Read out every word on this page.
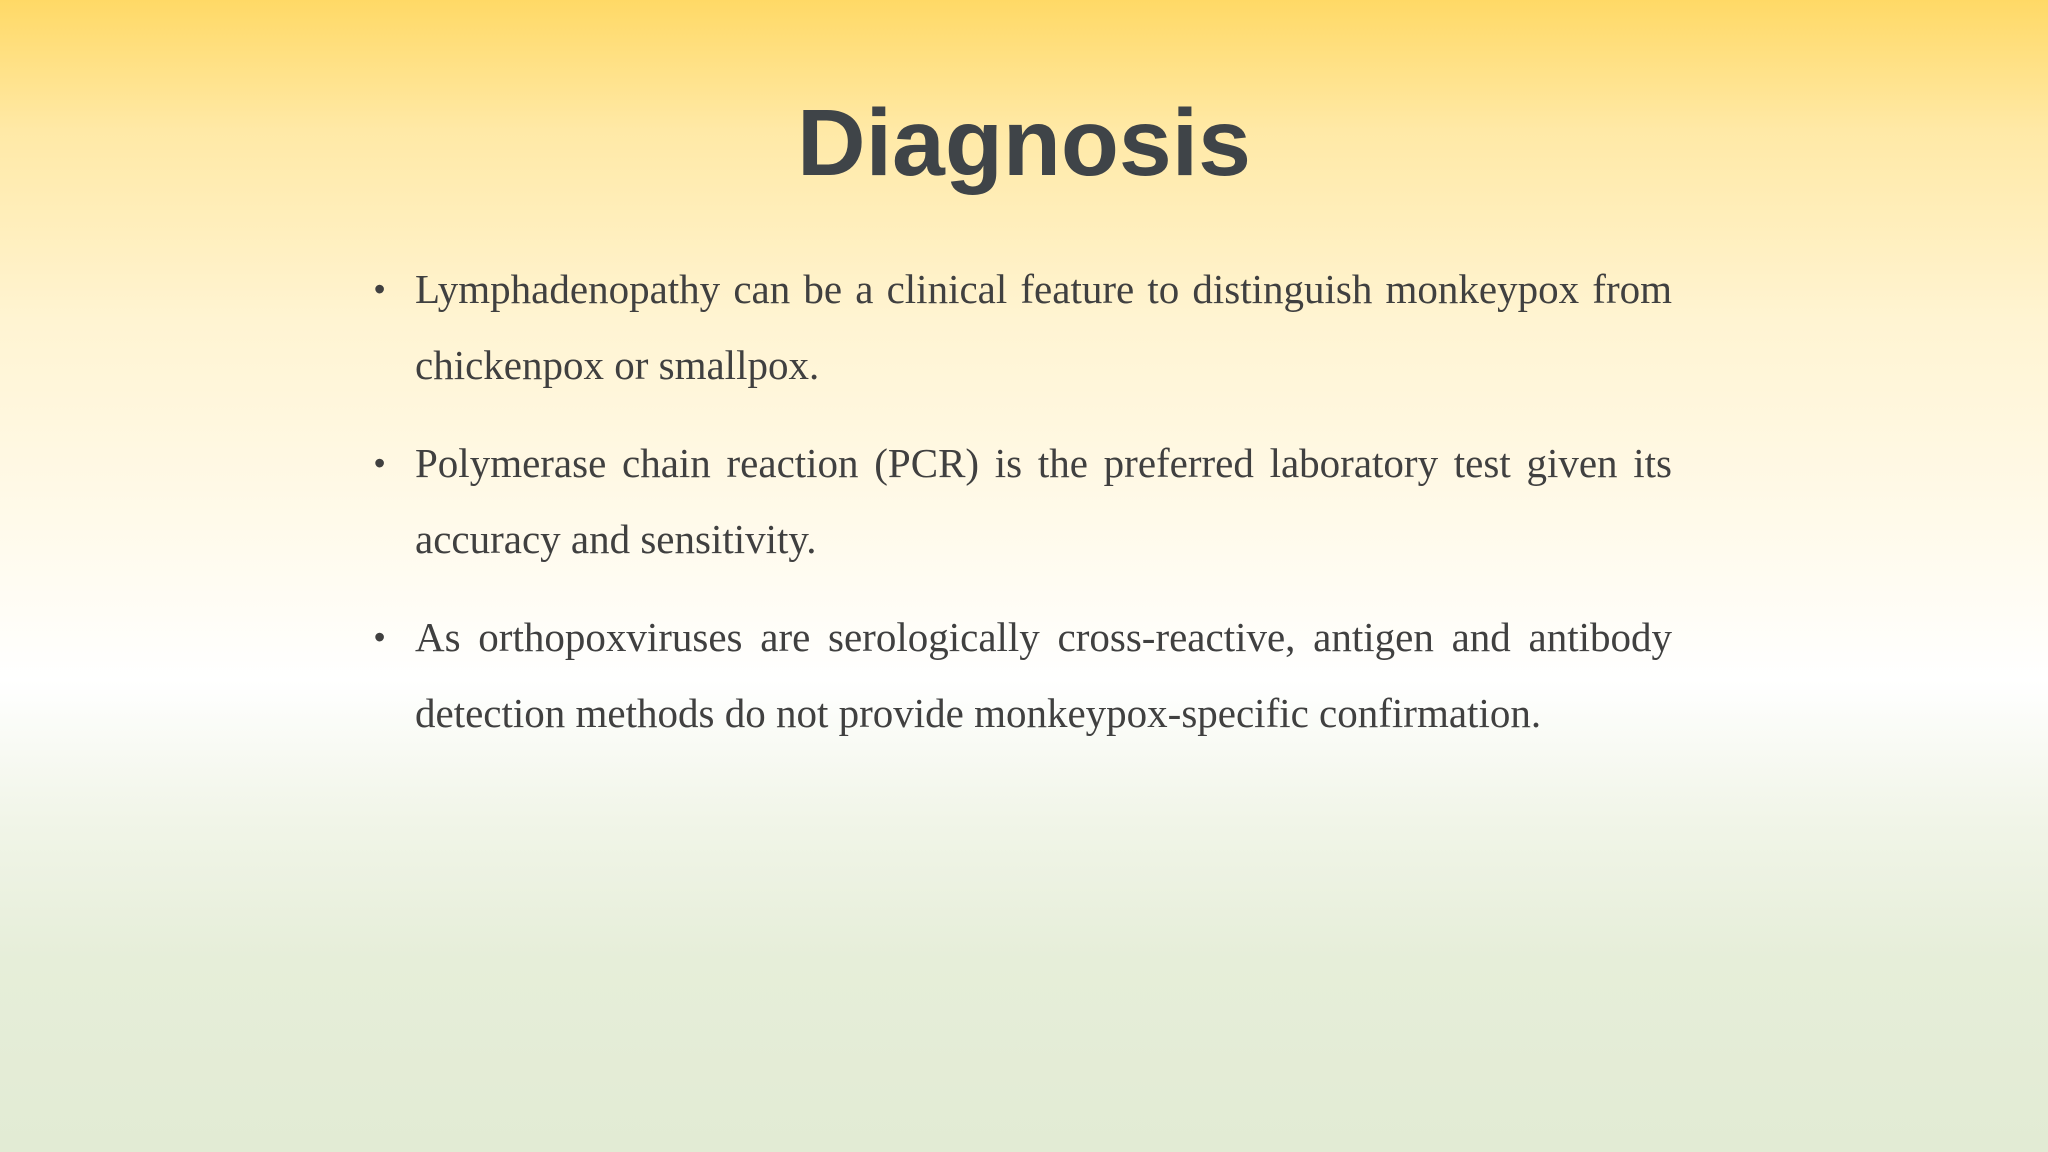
Diagnosis
• Lymphadenopathy can be a clinical feature to distinguish monkeypox from chickenpox or smallpox.
• Polymerase chain reaction (PCR) is the preferred laboratory test given its accuracy and sensitivity.
• As orthopoxviruses are serologically cross-reactive, antigen and antibody detection methods do not provide monkeypox-specific confirmation.
